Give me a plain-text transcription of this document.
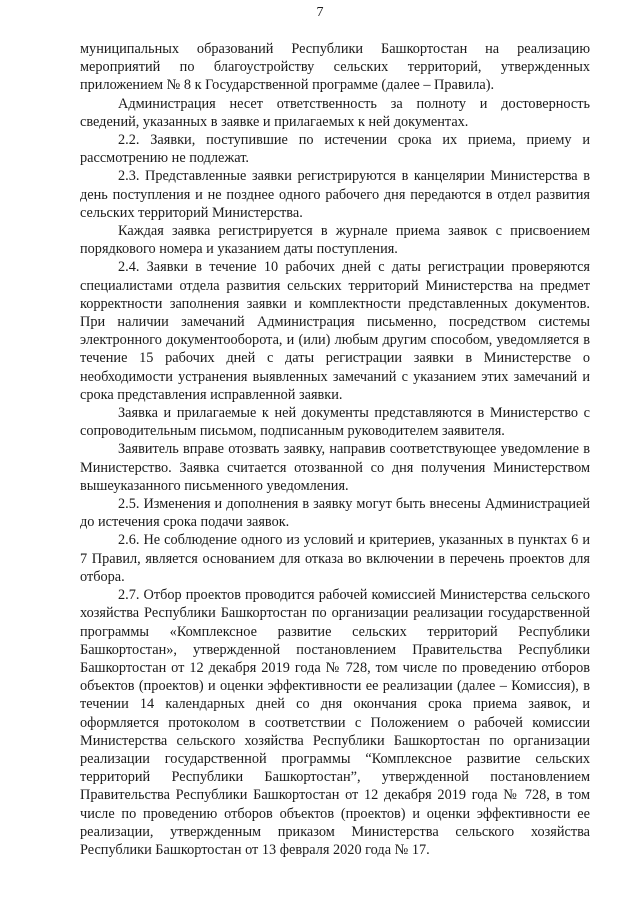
7

муниципальных образований Республики Башкортостан на реализацию мероприятий по благоустройству сельских территорий, утвержденных приложением № 8 к Государственной программе (далее – Правила).

Администрация несет ответственность за полноту и достоверность сведений, указанных в заявке и прилагаемых к ней документах.

2.2. Заявки, поступившие по истечении срока их приема, приему и рассмотрению не подлежат.

2.3. Представленные заявки регистрируются в канцелярии Министерства в день поступления и не позднее одного рабочего дня передаются в отдел развития сельских территорий Министерства.

Каждая заявка регистрируется в журнале приема заявок с присвоением порядкового номера и указанием даты поступления.

2.4. Заявки в течение 10 рабочих дней с даты регистрации проверяются специалистами отдела развития сельских территорий Министерства на предмет корректности заполнения заявки и комплектности представленных документов. При наличии замечаний Администрация письменно, посредством системы электронного документооборота, и (или) любым другим способом, уведомляется в течение 15 рабочих дней с даты регистрации заявки в Министерстве о необходимости устранения выявленных замечаний с указанием этих замечаний и срока представления исправленной заявки.

Заявка и прилагаемые к ней документы представляются в Министерство с сопроводительным письмом, подписанным руководителем заявителя.

Заявитель вправе отозвать заявку, направив соответствующее уведомление в Министерство. Заявка считается отозванной со дня получения Министерством вышеуказанного письменного уведомления.

2.5. Изменения и дополнения в заявку могут быть внесены Администрацией до истечения срока подачи заявок.

2.6. Не соблюдение одного из условий и критериев, указанных в пунктах 6 и 7 Правил, является основанием для отказа во включении в перечень проектов для отбора.

2.7. Отбор проектов проводится рабочей комиссией Министерства сельского хозяйства Республики Башкортостан по организации реализации государственной программы «Комплексное развитие сельских территорий Республики Башкортостан», утвержденной постановлением Правительства Республики Башкортостан от 12 декабря 2019 года № 728, том числе по проведению отборов объектов (проектов) и оценки эффективности ее реализации (далее – Комиссия), в течении 14 календарных дней со дня окончания срока приема заявок, и оформляется протоколом в соответствии с Положением о рабочей комиссии Министерства сельского хозяйства Республики Башкортостан по организации реализации государственной программы “Комплексное развитие сельских территорий Республики Башкортостан”, утвержденной постановлением Правительства Республики Башкортостан от 12 декабря 2019 года № 728, в том числе по проведению отборов объектов (проектов) и оценки эффективности ее реализации, утвержденным приказом Министерства сельского хозяйства Республики Башкортостан от 13 февраля 2020 года № 17.
